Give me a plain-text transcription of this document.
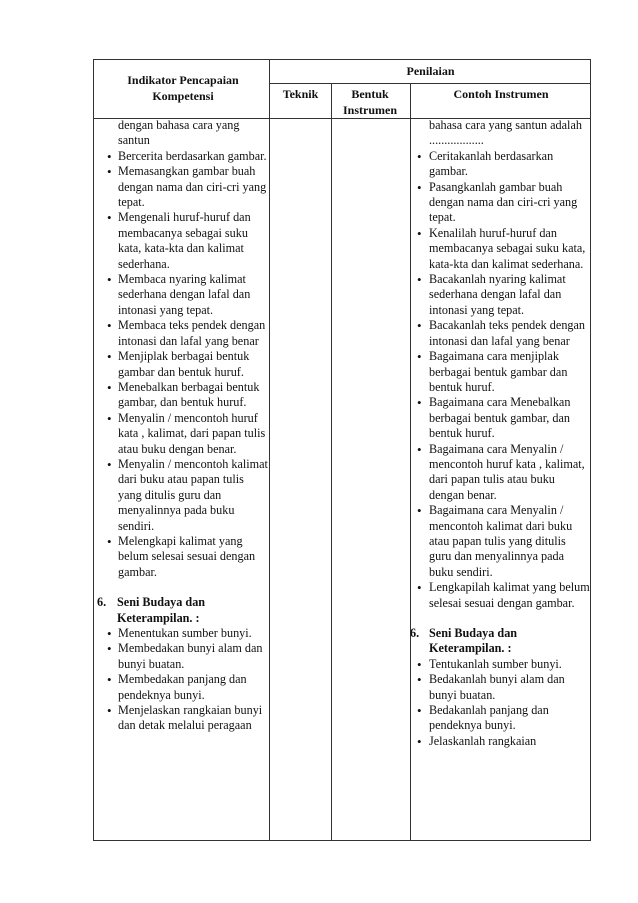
Indikator Pencapaian Kompetensi
Penilaian
Teknik	Bentuk Instrumen
Contoh Instrumen
dengan bahasa cara yang santun
• Bercerita berdasarkan gambar.
• Memasangkan gambar buah dengan nama dan ciri-cri yang tepat.
• Mengenali huruf-huruf dan membacanya sebagai suku kata, kata-kta dan kalimat sederhana.
• Membaca nyaring kalimat sederhana dengan lafal dan intonasi yang tepat.
• Membaca teks pendek dengan intonasi dan lafal yang benar
• Menjiplak berbagai bentuk gambar dan bentuk huruf.
• Menebalkan berbagai bentuk gambar, dan bentuk huruf.
• Menyalin / mencontoh huruf kata , kalimat, dari papan tulis atau buku dengan benar.
• Menyalin / mencontoh kalimat dari buku atau papan tulis yang ditulis guru dan menyalinnya pada buku sendiri.
• Melengkapi kalimat yang belum selesai sesuai dengan gambar.
6. Seni Budaya dan Keterampilan. :
• Menentukan sumber bunyi.
• Membedakan bunyi alam dan bunyi buatan.
• Membedakan panjang dan pendeknya bunyi.
• Menjelaskan rangkaian bunyi dan detak melalui peragaan
bahasa cara yang santun adalah ..................
• Ceritakanlah berdasarkan gambar.
• Pasangkanlah gambar buah dengan nama dan ciri-cri yang tepat.
• Kenalilah huruf-huruf dan membacanya sebagai suku kata, kata-kta dan kalimat sederhana.
• Bacakanlah nyaring kalimat sederhana dengan lafal dan intonasi yang tepat.
• Bacakanlah teks pendek dengan intonasi dan lafal yang benar
• Bagaimana cara menjiplak berbagai bentuk gambar dan bentuk huruf.
• Bagaimana cara Menebalkan berbagai bentuk gambar, dan bentuk huruf.
• Bagaimana cara Menyalin / mencontoh huruf kata , kalimat, dari papan tulis atau buku dengan benar.
• Bagaimana cara Menyalin / mencontoh kalimat dari buku atau papan tulis yang ditulis guru dan menyalinnya pada buku sendiri.
• Lengkapilah kalimat yang belum selesai sesuai dengan gambar.
6. Seni Budaya dan Keterampilan. :
• Tentukanlah sumber bunyi.
• Bedakanlah bunyi alam dan bunyi buatan.
• Bedakanlah panjang dan pendeknya bunyi.
• Jelaskanlah rangkaian
